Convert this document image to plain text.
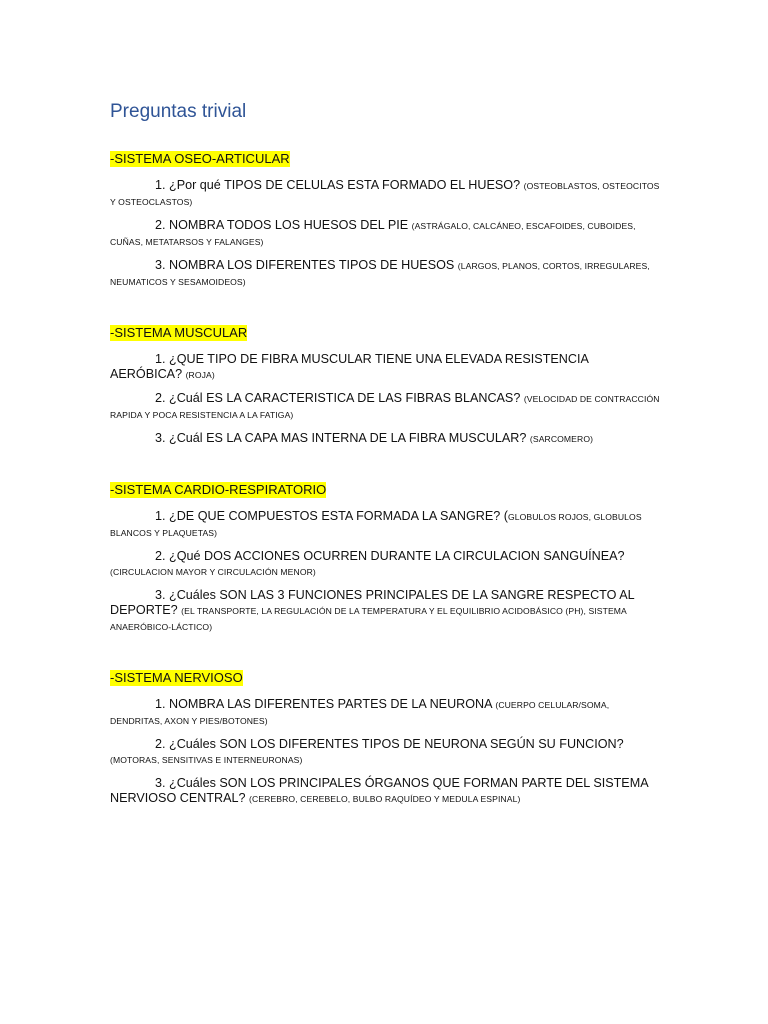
Preguntas trivial
-SISTEMA OSEO-ARTICULAR

1. ¿Por qué TIPOS DE CELULAS ESTA FORMADO EL HUESO? (OSTEOBLASTOS, OSTEOCITOS Y OSTEOCLASTOS)

2. NOMBRA TODOS LOS HUESOS DEL PIE (ASTRÁGALO, CALCÁNEO, ESCAFOIDES, CUBOIDES, CUÑAS, METATARSOS Y FALANGES)

3. NOMBRA LOS DIFERENTES TIPOS DE HUESOS (LARGOS, PLANOS, CORTOS, IRREGULARES, NEUMATICOS Y SESAMOIDEOS)

-SISTEMA MUSCULAR

1. ¿QUE TIPO DE FIBRA MUSCULAR TIENE UNA ELEVADA RESISTENCIA AERÓBICA? (ROJA)

2. ¿Cuál ES LA CARACTERISTICA DE LAS FIBRAS BLANCAS? (VELOCIDAD DE CONTRACCIÓN RAPIDA Y POCA RESISTENCIA A LA FATIGA)

3. ¿Cuál ES LA CAPA MAS INTERNA DE LA FIBRA MUSCULAR? (SARCOMERO)

-SISTEMA CARDIO-RESPIRATORIO

1. ¿DE QUE COMPUESTOS ESTA FORMADA LA SANGRE? (GLOBULOS ROJOS, GLOBULOS BLANCOS Y PLAQUETAS)

2. ¿Qué DOS ACCIONES OCURREN DURANTE LA CIRCULACION SANGUÍNEA? (CIRCULACION MAYOR Y CIRCULACIÓN MENOR)

3. ¿Cuáles SON LAS 3 FUNCIONES PRINCIPALES DE LA SANGRE RESPECTO AL DEPORTE? (EL TRANSPORTE, LA REGULACIÓN DE LA TEMPERATURA Y EL EQUILIBRIO ACIDOBÁSICO (PH), SISTEMA ANAERÓBICO-LÁCTICO)

-SISTEMA NERVIOSO

1. NOMBRA LAS DIFERENTES PARTES DE LA NEURONA (CUERPO CELULAR/SOMA, DENDRITAS, AXON Y PIES/BOTONES)

2. ¿Cuáles SON LOS DIFERENTES TIPOS DE NEURONA SEGÚN SU FUNCION? (MOTORAS, SENSITIVAS E INTERNEURONAS)

3. ¿Cuáles SON LOS PRINCIPALES ÓRGANOS QUE FORMAN PARTE DEL SISTEMA NERVIOSO CENTRAL? (CEREBRO, CEREBELO, BULBO RAQUÍDEO Y MEDULA ESPINAL)
